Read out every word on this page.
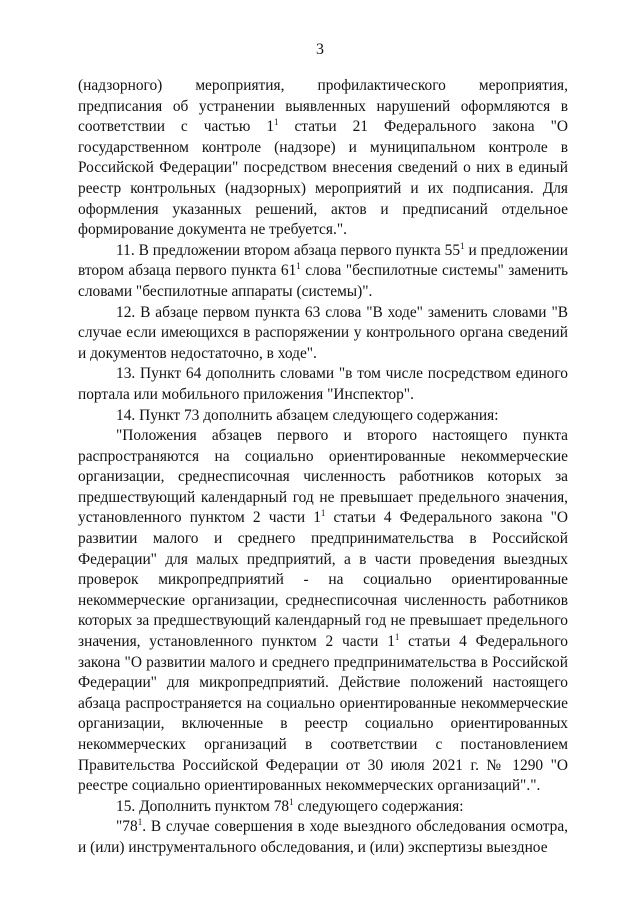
3

(надзорного) мероприятия, профилактического мероприятия, предписания об устранении выявленных нарушений оформляются в соответствии с частью $1^1$ статьи 21 Федерального закона "О государственном контроле (надзоре) и муниципальном контроле в Российской Федерации" посредством внесения сведений о них в единый реестр контрольных (надзорных) мероприятий и их подписания. Для оформления указанных решений, актов и предписаний отдельное формирование документа не требуется.".

11. В предложении втором абзаца первого пункта $55^1$ и предложении втором абзаца первого пункта $61^1$ слова "беспилотные системы" заменить словами "беспилотные аппараты (системы)".

12. В абзаце первом пункта 63 слова "В ходе" заменить словами "В случае если имеющихся в распоряжении у контрольного органа сведений и документов недостаточно, в ходе".

13. Пункт 64 дополнить словами "в том числе посредством единого портала или мобильного приложения "Инспектор".

14. Пункт 73 дополнить абзацем следующего содержания:

"Положения абзацев первого и второго настоящего пункта распространяются на социально ориентированные некоммерческие организации, среднесписочная численность работников которых за предшествующий календарный год не превышает предельного значения, установленного пунктом 2 части $1^1$ статьи 4 Федерального закона "О развитии малого и среднего предпринимательства в Российской Федерации" для малых предприятий, а в части проведения выездных проверок микропредприятий - на социально ориентированные некоммерческие организации, среднесписочная численность работников которых за предшествующий календарный год не превышает предельного значения, установленного пунктом 2 части $1^1$ статьи 4 Федерального закона "О развитии малого и среднего предпринимательства в Российской Федерации" для микропредприятий. Действие положений настоящего абзаца распространяется на социально ориентированные некоммерческие организации, включенные в реестр социально ориентированных некоммерческих организаций в соответствии с постановлением Правительства Российской Федерации от 30 июля 2021 г. № 1290 "О реестре социально ориентированных некоммерческих организаций".".

15. Дополнить пунктом $78^1$ следующего содержания:

"$78^1$. В случае совершения в ходе выездного обследования осмотра, и (или) инструментального обследования, и (или) экспертизы выездное
